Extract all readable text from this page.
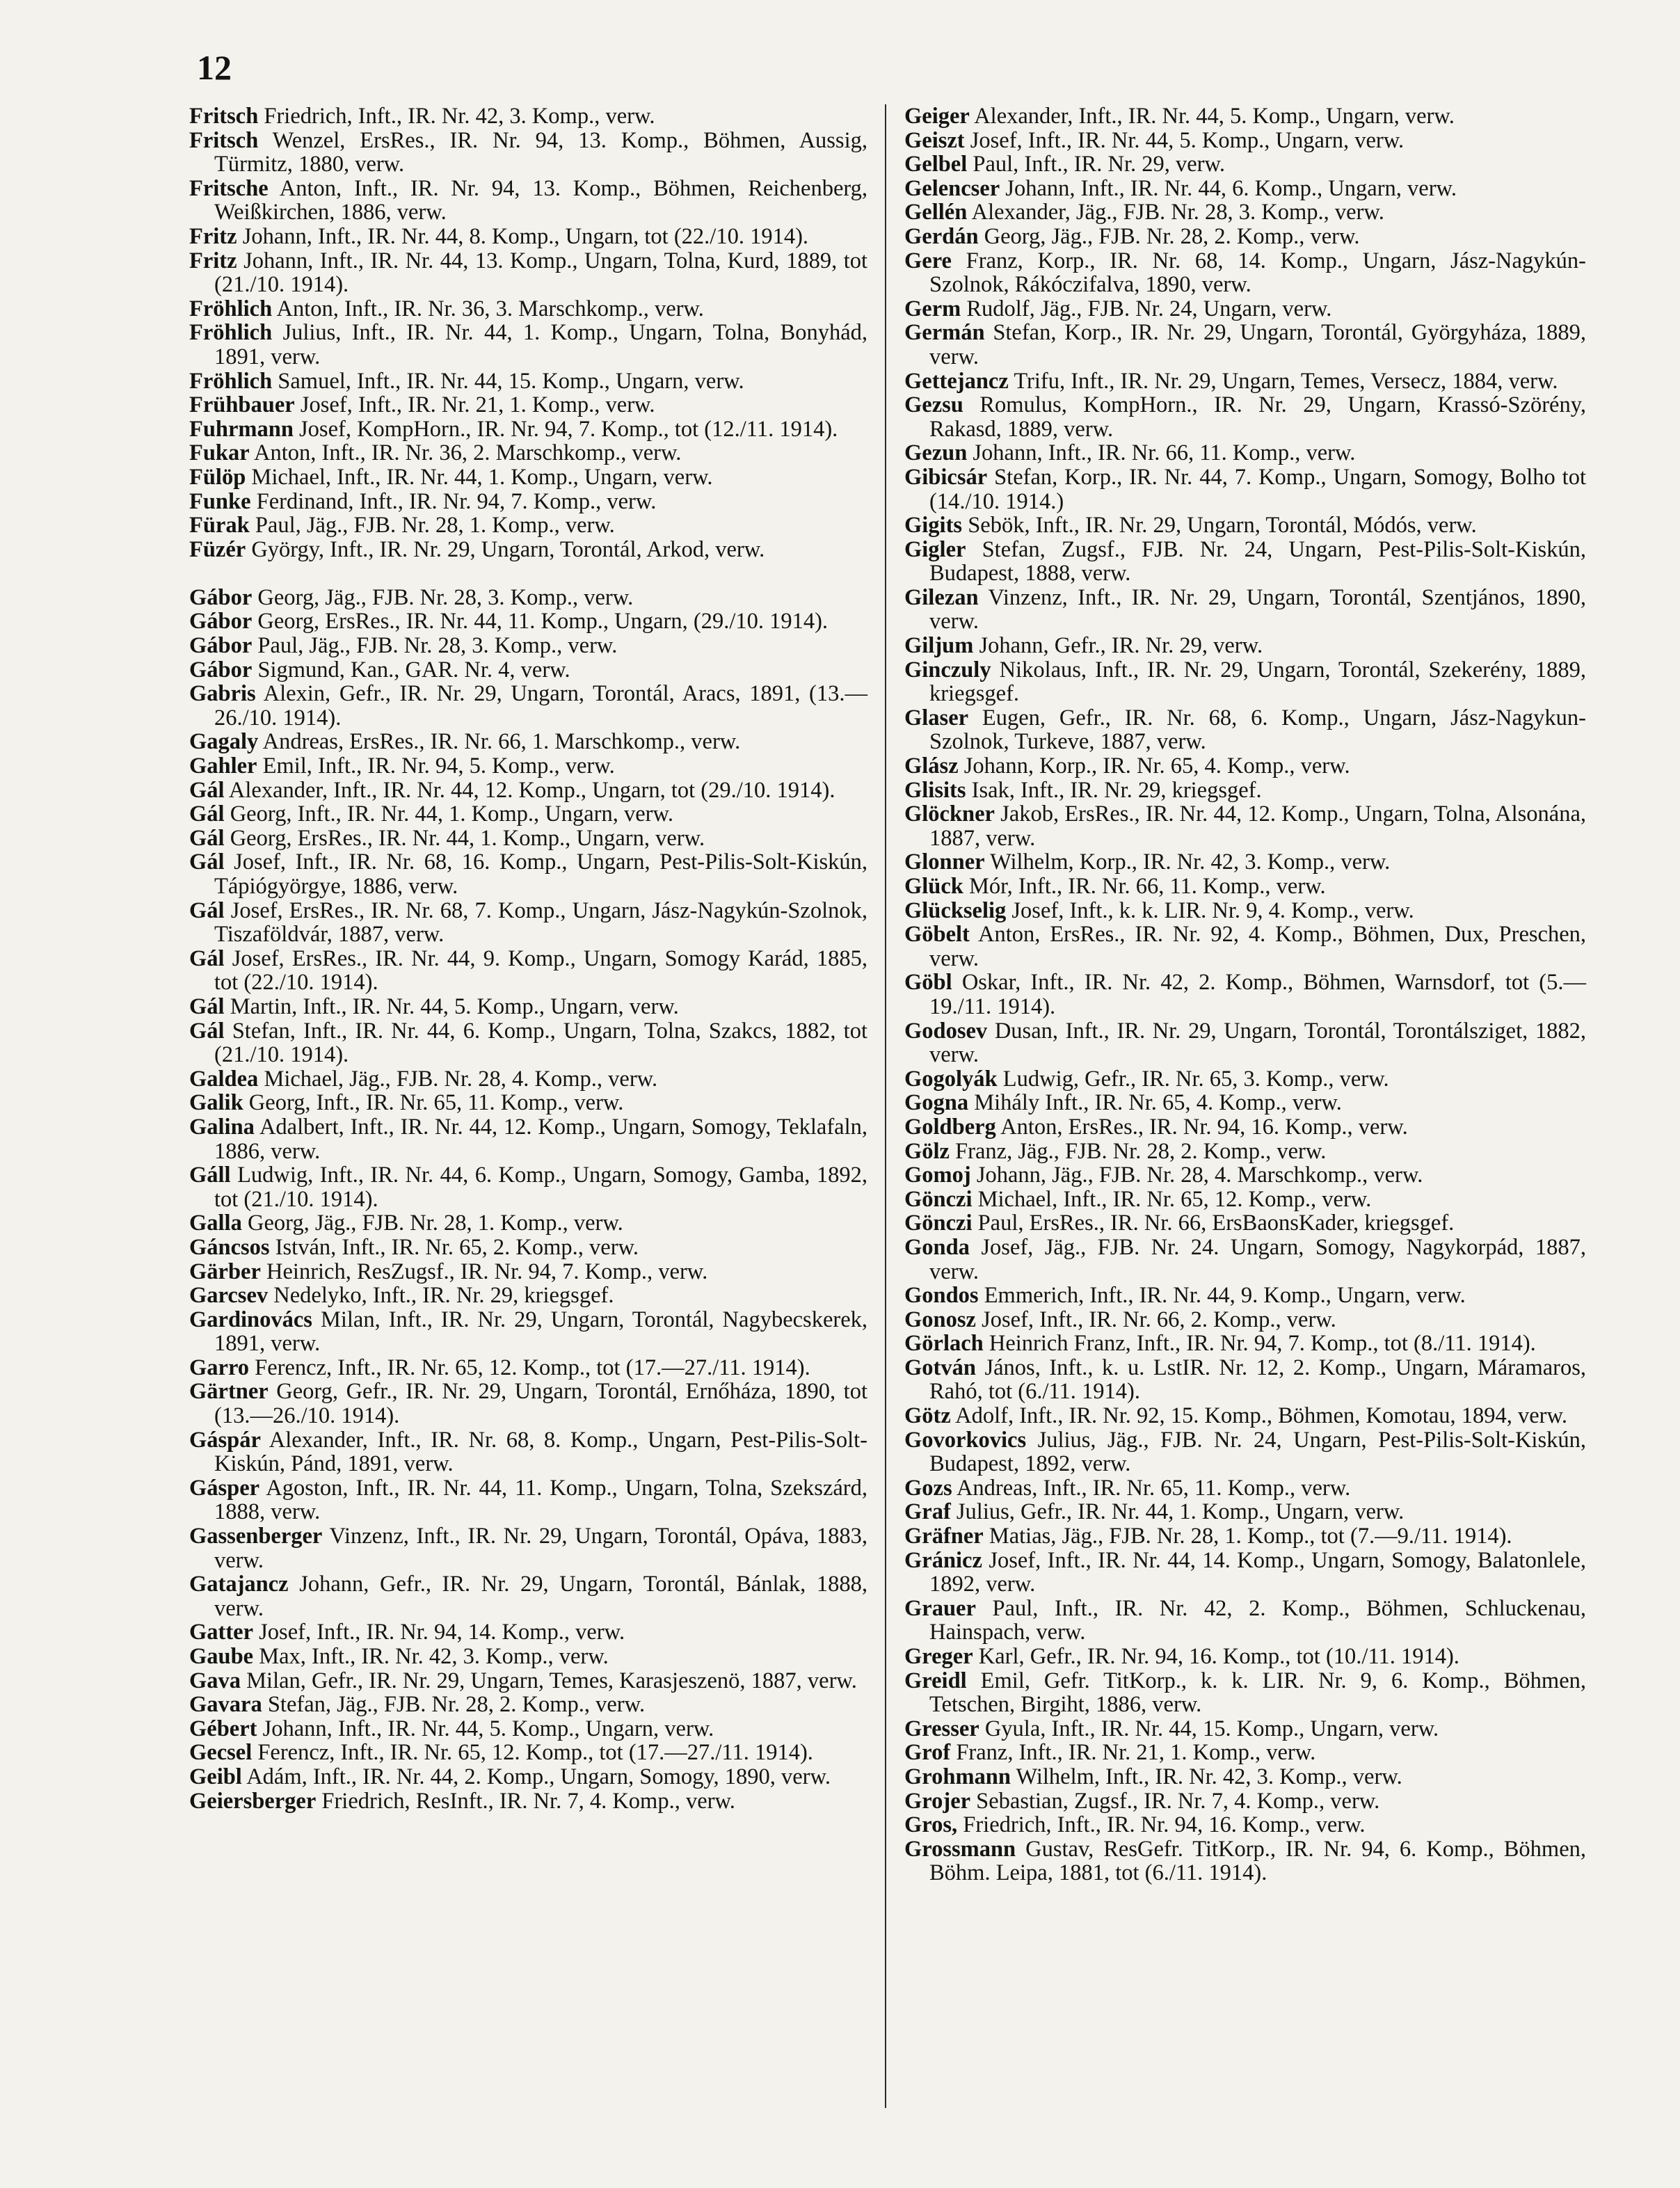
12

Fritsch Friedrich, Inft., IR. Nr. 42, 3. Komp., verw.

Fritsch Wenzel, ErsRes., IR. Nr. 94, 13. Komp., Böhmen, Aussig, Türmitz, 1880, verw.

Fritsche Anton, Inft., IR. Nr. 94, 13. Komp., Böhmen, Reichenberg, Weißkirchen, 1886, verw.

Fritz Johann, Inft., IR. Nr. 44, 8. Komp., Ungarn, tot (22./10. 1914).

Fritz Johann, Inft., IR. Nr. 44, 13. Komp., Ungarn, Tolna, Kurd, 1889, tot (21./10. 1914).

Fröhlich Anton, Inft., IR. Nr. 36, 3. Marschkomp., verw.

Fröhlich Julius, Inft., IR. Nr. 44, 1. Komp., Ungarn, Tolna, Bonyhád, 1891, verw.

Fröhlich Samuel, Inft., IR. Nr. 44, 15. Komp., Ungarn, verw.

Frühbauer Josef, Inft., IR. Nr. 21, 1. Komp., verw.

Fuhrmann Josef, KompHorn., IR. Nr. 94, 7. Komp., tot (12./11. 1914).

Fukar Anton, Inft., IR. Nr. 36, 2. Marschkomp., verw.

Fülöp Michael, Inft., IR. Nr. 44, 1. Komp., Ungarn, verw.

Funke Ferdinand, Inft., IR. Nr. 94, 7. Komp., verw.

Fürak Paul, Jäg., FJB. Nr. 28, 1. Komp., verw.

Füzér György, Inft., IR. Nr. 29, Ungarn, Torontál, Arkod, verw.

Gábor Georg, Jäg., FJB. Nr. 28, 3. Komp., verw.

Gábor Georg, ErsRes., IR. Nr. 44, 11. Komp., Ungarn, (29./10. 1914).

Gábor Paul, Jäg., FJB. Nr. 28, 3. Komp., verw.

Gábor Sigmund, Kan., GAR. Nr. 4, verw.

Gabris Alexin, Gefr., IR. Nr. 29, Ungarn, Torontál, Aracs, 1891, (13.—26./10. 1914).

Gagaly Andreas, ErsRes., IR. Nr. 66, 1. Marschkomp., verw.

Gahler Emil, Inft., IR. Nr. 94, 5. Komp., verw.

Gál Alexander, Inft., IR. Nr. 44, 12. Komp., Ungarn, tot (29./10. 1914).

Gál Georg, Inft., IR. Nr. 44, 1. Komp., Ungarn, verw.

Gál Georg, ErsRes., IR. Nr. 44, 1. Komp., Ungarn, verw.

Gál Josef, Inft., IR. Nr. 68, 16. Komp., Ungarn, Pest-Pilis-Solt-Kiskún, Tápiógyörgye, 1886, verw.

Gál Josef, ErsRes., IR. Nr. 68, 7. Komp., Ungarn, Jász-Nagykún-Szolnok, Tiszaföldvár, 1887, verw.

Gál Josef, ErsRes., IR. Nr. 44, 9. Komp., Ungarn, Somogy Karád, 1885, tot (22./10. 1914).

Gál Martin, Inft., IR. Nr. 44, 5. Komp., Ungarn, verw.

Gál Stefan, Inft., IR. Nr. 44, 6. Komp., Ungarn, Tolna, Szakcs, 1882, tot (21./10. 1914).

Galdea Michael, Jäg., FJB. Nr. 28, 4. Komp., verw.

Galik Georg, Inft., IR. Nr. 65, 11. Komp., verw.

Galina Adalbert, Inft., IR. Nr. 44, 12. Komp., Ungarn, Somogy, Teklafaln, 1886, verw.

Gáll Ludwig, Inft., IR. Nr. 44, 6. Komp., Ungarn, Somogy, Gamba, 1892, tot (21./10. 1914).

Galla Georg, Jäg., FJB. Nr. 28, 1. Komp., verw.

Gáncsos István, Inft., IR. Nr. 65, 2. Komp., verw.

Gärber Heinrich, ResZugsf., IR. Nr. 94, 7. Komp., verw.

Garcsev Nedelyko, Inft., IR. Nr. 29, kriegsgef.

Gardinovács Milan, Inft., IR. Nr. 29, Ungarn, Torontál, Nagybecskerek, 1891, verw.

Garro Ferencz, Inft., IR. Nr. 65, 12. Komp., tot (17.—27./11. 1914).

Gärtner Georg, Gefr., IR. Nr. 29, Ungarn, Torontál, Ernőháza, 1890, tot (13.—26./10. 1914).

Gáspár Alexander, Inft., IR. Nr. 68, 8. Komp., Ungarn, Pest-Pilis-Solt-Kiskún, Pánd, 1891, verw.

Gásper Agoston, Inft., IR. Nr. 44, 11. Komp., Ungarn, Tolna, Szekszárd, 1888, verw.

Gassenberger Vinzenz, Inft., IR. Nr. 29, Ungarn, Torontál, Opáva, 1883, verw.

Gatajancz Johann, Gefr., IR. Nr. 29, Ungarn, Torontál, Bánlak, 1888, verw.

Gatter Josef, Inft., IR. Nr. 94, 14. Komp., verw.

Gaube Max, Inft., IR. Nr. 42, 3. Komp., verw.

Gava Milan, Gefr., IR. Nr. 29, Ungarn, Temes, Karasjeszenö, 1887, verw.

Gavara Stefan, Jäg., FJB. Nr. 28, 2. Komp., verw.

Gébert Johann, Inft., IR. Nr. 44, 5. Komp., Ungarn, verw.

Gecsel Ferencz, Inft., IR. Nr. 65, 12. Komp., tot (17.—27./11. 1914).

Geibl Adám, Inft., IR. Nr. 44, 2. Komp., Ungarn, Somogy, 1890, verw.

Geiersberger Friedrich, ResInft., IR. Nr. 7, 4. Komp., verw.

Geiger Alexander, Inft., IR. Nr. 44, 5. Komp., Ungarn, verw.

Geiszt Josef, Inft., IR. Nr. 44, 5. Komp., Ungarn, verw.

Gelbel Paul, Inft., IR. Nr. 29, verw.

Gelencser Johann, Inft., IR. Nr. 44, 6. Komp., Ungarn, verw.

Gellén Alexander, Jäg., FJB. Nr. 28, 3. Komp., verw.

Gerdán Georg, Jäg., FJB. Nr. 28, 2. Komp., verw.

Gere Franz, Korp., IR. Nr. 68, 14. Komp., Ungarn, Jász-Nagykún-Szolnok, Rákóczifalva, 1890, verw.

Germ Rudolf, Jäg., FJB. Nr. 24, Ungarn, verw.

Germán Stefan, Korp., IR. Nr. 29, Ungarn, Torontál, Györgyháza, 1889, verw.

Gettejancz Trifu, Inft., IR. Nr. 29, Ungarn, Temes, Versecz, 1884, verw.

Gezsu Romulus, KompHorn., IR. Nr. 29, Ungarn, Krassó-Szörény, Rakasd, 1889, verw.

Gezun Johann, Inft., IR. Nr. 66, 11. Komp., verw.

Gibicsár Stefan, Korp., IR. Nr. 44, 7. Komp., Ungarn, Somogy, Bolho tot (14./10. 1914.)

Gigits Sebök, Inft., IR. Nr. 29, Ungarn, Torontál, Módós, verw.

Gigler Stefan, Zugsf., FJB. Nr. 24, Ungarn, Pest-Pilis-Solt-Kiskún, Budapest, 1888, verw.

Gilezan Vinzenz, Inft., IR. Nr. 29, Ungarn, Torontál, Szentjános, 1890, verw.

Giljum Johann, Gefr., IR. Nr. 29, verw.

Ginczuly Nikolaus, Inft., IR. Nr. 29, Ungarn, Torontál, Szekerény, 1889, kriegsgef.

Glaser Eugen, Gefr., IR. Nr. 68, 6. Komp., Ungarn, Jász-Nagykun-Szolnok, Turkeve, 1887, verw.

Glász Johann, Korp., IR. Nr. 65, 4. Komp., verw.

Glisits Isak, Inft., IR. Nr. 29, kriegsgef.

Glöckner Jakob, ErsRes., IR. Nr. 44, 12. Komp., Ungarn, Tolna, Alsonána, 1887, verw.

Glonner Wilhelm, Korp., IR. Nr. 42, 3. Komp., verw.

Glück Mór, Inft., IR. Nr. 66, 11. Komp., verw.

Glückselig Josef, Inft., k. k. LIR. Nr. 9, 4. Komp., verw.

Göbelt Anton, ErsRes., IR. Nr. 92, 4. Komp., Böhmen, Dux, Preschen, verw.

Göbl Oskar, Inft., IR. Nr. 42, 2. Komp., Böhmen, Warnsdorf, tot (5.—19./11. 1914).

Godosev Dusan, Inft., IR. Nr. 29, Ungarn, Torontál, Torontálsziget, 1882, verw.

Gogolyák Ludwig, Gefr., IR. Nr. 65, 3. Komp., verw.

Gogna Mihály Inft., IR. Nr. 65, 4. Komp., verw.

Goldberg Anton, ErsRes., IR. Nr. 94, 16. Komp., verw.

Gölz Franz, Jäg., FJB. Nr. 28, 2. Komp., verw.

Gomoj Johann, Jäg., FJB. Nr. 28, 4. Marschkomp., verw.

Gönczi Michael, Inft., IR. Nr. 65, 12. Komp., verw.

Gönczi Paul, ErsRes., IR. Nr. 66, ErsBaonsKader, kriegsgef.

Gonda Josef, Jäg., FJB. Nr. 24. Ungarn, Somogy, Nagykorpád, 1887, verw.

Gondos Emmerich, Inft., IR. Nr. 44, 9. Komp., Ungarn, verw.

Gonosz Josef, Inft., IR. Nr. 66, 2. Komp., verw.

Görlach Heinrich Franz, Inft., IR. Nr. 94, 7. Komp., tot (8./11. 1914).

Gotván János, Inft., k. u. LstIR. Nr. 12, 2. Komp., Ungarn, Máramaros, Rahó, tot (6./11. 1914).

Götz Adolf, Inft., IR. Nr. 92, 15. Komp., Böhmen, Komotau, 1894, verw.

Govorkovics Julius, Jäg., FJB. Nr. 24, Ungarn, Pest-Pilis-Solt-Kiskún, Budapest, 1892, verw.

Gozs Andreas, Inft., IR. Nr. 65, 11. Komp., verw.

Graf Julius, Gefr., IR. Nr. 44, 1. Komp., Ungarn, verw.

Gräfner Matias, Jäg., FJB. Nr. 28, 1. Komp., tot (7.—9./11. 1914).

Gránicz Josef, Inft., IR. Nr. 44, 14. Komp., Ungarn, Somogy, Balatonlele, 1892, verw.

Grauer Paul, Inft., IR. Nr. 42, 2. Komp., Böhmen, Schluckenau, Hainspach, verw.

Greger Karl, Gefr., IR. Nr. 94, 16. Komp., tot (10./11. 1914).

Greidl Emil, Gefr. TitKorp., k. k. LIR. Nr. 9, 6. Komp., Böhmen, Tetschen, Birgiht, 1886, verw.

Gresser Gyula, Inft., IR. Nr. 44, 15. Komp., Ungarn, verw.

Grof Franz, Inft., IR. Nr. 21, 1. Komp., verw.

Grohmann Wilhelm, Inft., IR. Nr. 42, 3. Komp., verw.

Grojer Sebastian, Zugsf., IR. Nr. 7, 4. Komp., verw.

Gros, Friedrich, Inft., IR. Nr. 94, 16. Komp., verw.

Grossmann Gustav, ResGefr. TitKorp., IR. Nr. 94, 6. Komp., Böhmen, Böhm. Leipa, 1881, tot (6./11. 1914).
